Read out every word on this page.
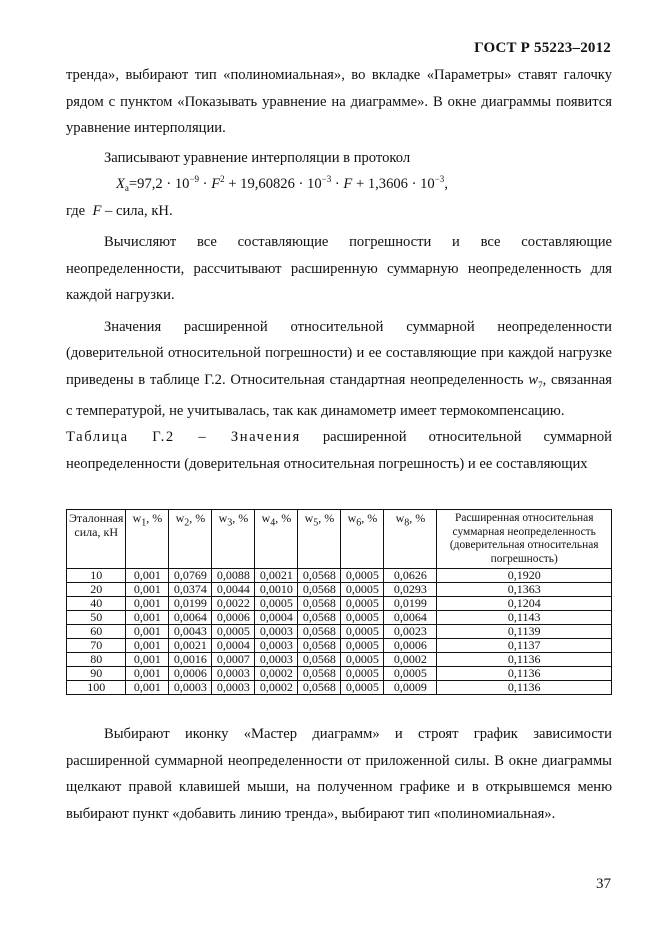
ГОСТ Р 55223–2012

тренда», выбирают тип «полиномиальная», во вкладке «Параметры» ставят галочку рядом с пунктом «Показывать уравнение на диаграмме». В окне диаграммы появится уравнение интерполяции.

Записывают уравнение интерполяции в протокол

$X_a=97,2 \cdot 10^{-9} \cdot F^2 + 19,60826 \cdot 10^{-3} \cdot F + 1,3606 \cdot 10^{-3}$,

где  F – сила, кН.

Вычисляют все составляющие погрешности и все составляющие неопределенности, рассчитывают расширенную суммарную неопределенность для каждой нагрузки.

Значения расширенной относительной суммарной неопределенности (доверительной относительной погрешности) и ее составляющие при каждой нагрузке приведены в таблице Г.2. Относительная стандартная неопределенность $w_7$, связанная с температурой, не учитывалась, так как динамометр имеет термокомпенсацию.

Таблица Г.2 – Значения расширенной относительной суммарной неопределенности (доверительная относительная погрешность) и ее составляющих

Эталонная сила, кН	$w_1$, %	$w_2$, %	$w_3$, %	$w_4$, %	$w_5$, %	$w_6$, %	$w_8$, %	Расширенная относительная суммарная неопределенность (доверительная относительная погрешность)
10	0,001	0,0769	0,0088	0,0021	0,0568	0,0005	0,0626	0,1920
20	0,001	0,0374	0,0044	0,0010	0,0568	0,0005	0,0293	0,1363
40	0,001	0,0199	0,0022	0,0005	0,0568	0,0005	0,0199	0,1204
50	0,001	0,0064	0,0006	0,0004	0,0568	0,0005	0,0064	0,1143
60	0,001	0,0043	0,0005	0,0003	0,0568	0,0005	0,0023	0,1139
70	0,001	0,0021	0,0004	0,0003	0,0568	0,0005	0,0006	0,1137
80	0,001	0,0016	0,0007	0,0003	0,0568	0,0005	0,0002	0,1136
90	0,001	0,0006	0,0003	0,0002	0,0568	0,0005	0,0005	0,1136
100	0,001	0,0003	0,0003	0,0002	0,0568	0,0005	0,0009	0,1136

Выбирают иконку «Мастер диаграмм» и строят график зависимости расширенной суммарной неопределенности от приложенной силы. В окне диаграммы щелкают правой клавишей мыши, на полученном графике и в открывшемся меню выбирают пункт «добавить линию тренда», выбирают тип «полиномиальная».

37
